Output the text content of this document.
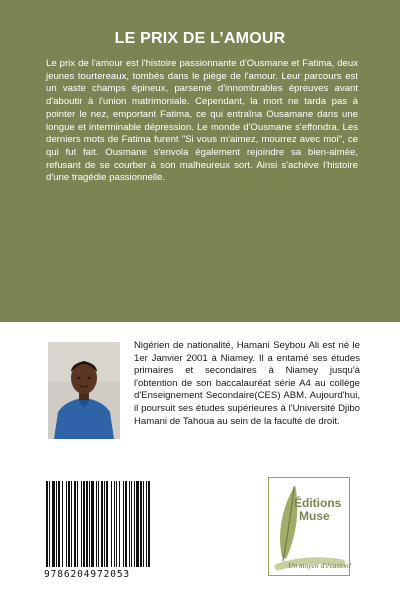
LE PRIX DE L’AMOUR

Le prix de l'amour est l'histoire passionnante d'Ousmane et Fatima, deux jeunes tourtereaux, tombés dans le piège de l'amour. Leur parcours est un vaste champs épineux, parsemé d'innombrables épreuves avant d'aboutir à l'union matrimoniale. Cependant, la mort ne tarda pas à pointer le nez, emportant Fatima, ce qui entraîna Ousamane dans une longue et interminable dépression. Le monde d'Ousmane s'effondra. Les derniers mots de Fatima furent "Si vous m'aimez, mourrez avec moi", ce qui fut fait. Ousmane s'envola également rejoindre sa bien-aimée, refusant de se courber à son malheureux sort. Ainsi s'achève l'histoire d'une tragédie passionnelle.

Nigérien de nationalité, Hamani Seybou Ali est né le 1er Janvier 2001 à Niamey. Il a entamé ses études primaires et secondaires à Niamey jusqu'à l'obtention de son baccalauréat série A4 au collège d'Enseignement Secondaire(CES) ABM. Aujourd'hui, il poursuit ses études supérieures à l'Université Djibo Hamani de Tahoua au sein de la faculté de droit.

9786204972053
Éditions
Muse
Un moyen d'évasion!
